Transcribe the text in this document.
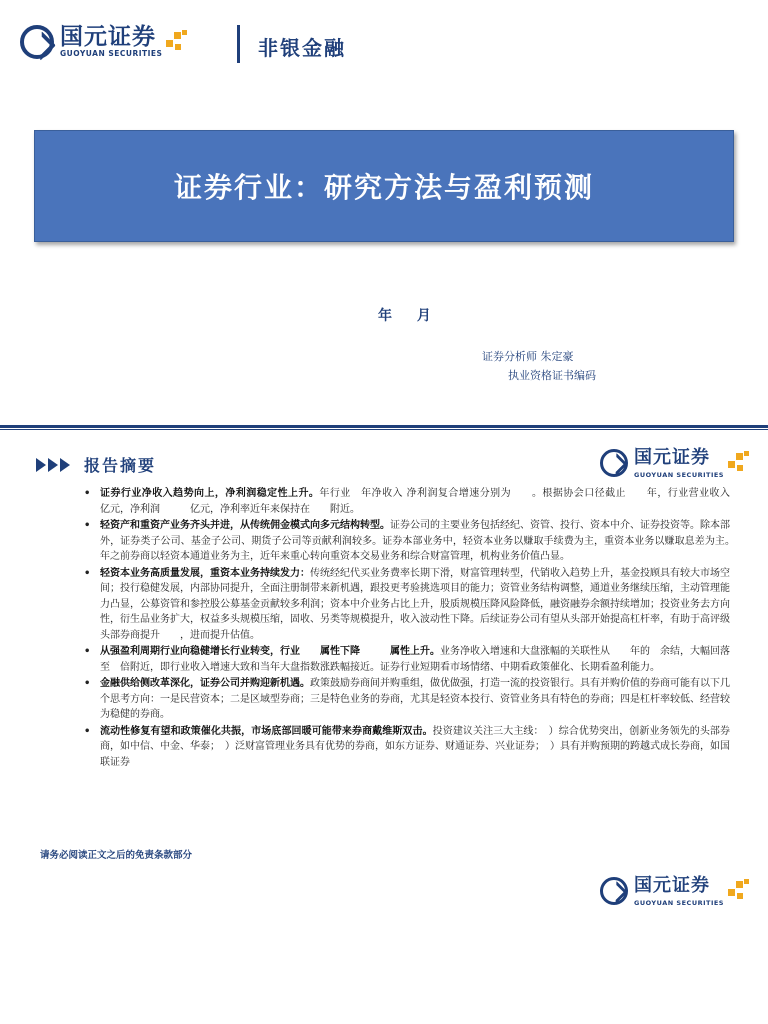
国元证券
GUOYUAN SECURITIES	非银金融
证券行业：研究方法与盈利预测
年 月
证券分析师 朱定豪
执业资格证书编码
报告摘要	国元证券
GUOYUAN SECURITIES
• 证券行业净收入趋势向上，净利润稳定性上升。年行业　年净收入 净利润复合增速分别为　　。根据协会口径截止　　年，行业营业收入　　　亿元，净利润　　　亿元，净利率近年来保持在　　附近。
• 轻资产和重资产业务齐头并进，从传统佣金模式向多元结构转型。证券公司的主要业务包括经纪、资管、投行、资本中介、证券投资等。除本部外，证券类子公司、基金子公司、期货子公司等贡献利润较多。证券本部业务中，轻资本业务以赚取手续费为主，重资本业务以赚取息差为主。　　年之前券商以轻资本通道业务为主，近年来重心转向重资本交易业务和综合财富管理，机构业务价值凸显。
• 轻资本业务高质量发展，重资本业务持续发力：传统经纪代买业务费率长期下滑，财富管理转型，代销收入趋势上升，基金投顾具有较大市场空间；投行稳健发展，内部协同提升，全面注册制带来新机遇，跟投更考验挑选项目的能力；资管业务结构调整，通道业务继续压缩，主动管理能力凸显，公募资管和参控股公募基金贡献较多利润；资本中介业务占比上升，股质规模压降风险降低，融资融券余额持续增加；投资业务去方向性，衍生品业务扩大，权益多头规模压缩，固收、另类等规模提升，收入波动性下降。后续证券公司有望从头部开始提高杠杆率，有助于高评级头部券商提升　　，进而提升估值。
• 从强盈利周期行业向稳健增长行业转变，行业　　属性下降　　　属性上升。业务净收入增速和大盘涨幅的关联性从　　年的　余结，大幅回落至　倍附近，即行业收入增速大致和当年大盘指数涨跌幅接近。证券行业短期看市场情绪、中期看政策催化、长期看盈利能力。
• 金融供给侧改革深化，证券公司并购迎新机遇。政策鼓励券商间并购重组，做优做强，打造一流的投资银行。具有并购价值的券商可能有以下几个思考方向：一是民营资本；二是区域型券商；三是特色业务的券商，尤其是轻资本投行、资管业务具有特色的券商；四是杠杆率较低、经营较为稳健的券商。
• 流动性修复有望和政策催化共振，市场底部回暖可能带来券商戴维斯双击。投资建议关注三大主线：　）综合优势突出，创新业务领先的头部券商，如中信、中金、华泰；　）泛财富管理业务具有优势的券商，如东方证券、财通证券、兴业证券；　）具有并购预期的跨越式成长券商，如国联证券
请务必阅读正文之后的免责条款部分
国元证券
GUOYUAN SECURITIES
